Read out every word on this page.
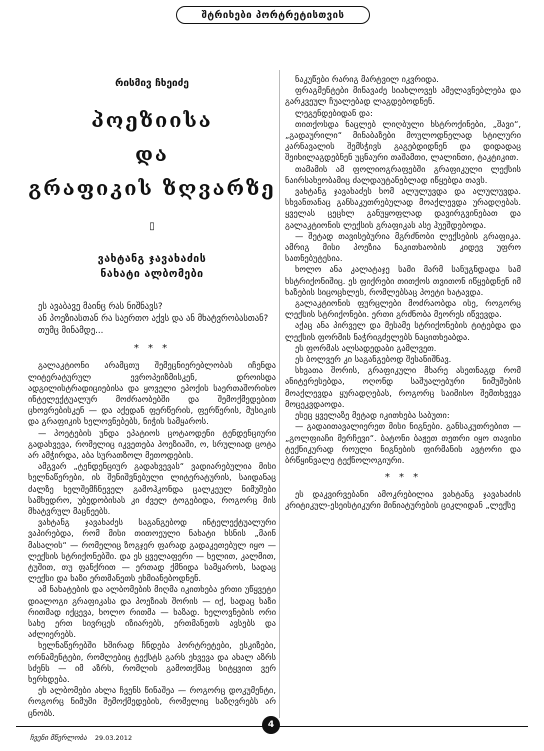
შტრიხები პორტრეტისთვის
რისმივ ჩხეიძე
პოეზიისა
და
გრაფიკის ზღვარზე
▯
ვახტანგ ჯავახაძის
ნახატი ალბომები
ეს ავაბავე მაინც რას ნიშნავს?
ან პოეზიასთან რა საერთო აქვს და ან მხატვრობასთან?
თუმც მინამდე...
* * *

გალაკტიონი არამცთუ შემეცნიერებლობას იჩენდა ლიტერატურულ ევროპეიზმისკენ, დროისდა ადგილისტრადიციებისა და ყოველი ეპოქის საერთაშორისო ინტელექტუალურ მოძრაობებში და შემოქმედებით ცხოვრებისკენ — და აქედან ფერწერის, ფერწერის, მუსიკის და გრაფიკის ხელოვნებებს, ნიჭის სამყაროს.

— პოეტების უნდა ეპატიოს ცოტაოდენი ტენდენციური გადახვევა, რომელიც იკვეთება პოეზიაში, ო, სრულიად ცოტა არ ამჭირდა, აბა სურათზოლ მეთოდების.

ამგვარ „ტენდენციურ გადახვევას“ ვადიარებულია მისი ხელნაწერები, ის შენიშვნებული ლიტერატურის, საიდანაც ძალზე ხელშემჩნეველ გამოჰკონდა ცალკეულ ნიმუშები სამხედრო, უბედობისას კი ძველ ტოგებიდა, როგორც მის მხატვრულ მაცნეებს.

ვახტანგ ჯავახაძეს საგანგებოდ ინტელექტუალური ვაპირებდა, რომ მისი თითოეული ნახატი ხსნის „მაინ მასალის“ — რომელიც ზოგჯერ ფარად გადაკეთებულ იყო — ლექსის სტრიქონებში. და ეს ყველაფერი — ხელით, კალმით, ტუშით, თუ ფანქრით — ერთად ქმნიდა სამყაროს, სადაც ლექსი და ხაზი ერთმანეთს ეხმიანებოდნენ.

ამ ნახატების და ალბომების მიღმა იკითხება ერთი უწყვეტი დიალოგი გრაფიკასა და პოეზიას შორის — იქ, სადაც ხაზი რითმად იქცევა, ხოლო რითმა — ხაზად. ხელოვნების ორი სახე ერთ სივრცეს იზიარებს, ერთმანეთს ავსებს და აძლიერებს.

ხელნაწერებში ხშირად ჩნდება პორტრეტები, ესკიზები, ორნამენტები, რომლებიც ტექსტს გარს ეხვევა და ახალ აზრს სძენს — იმ აზრს, რომლის გამოთქმაც სიტყვით ვერ ხერხდება.

ეს ალბომები ახლა ჩვენს წინაშეა — როგორც დოკუმენტი, როგორც ნიმუში შემოქმედების, რომელიც საზღვრებს არ ცნობს.

ნაკუწები რარიგ მარტვილ იკვრიდა.

ფრაგმენტები მინავაძე სიახლოვეს ამელავნებლება და გარკვეულ ჩუალებად ლაგდებოდნენ.

ლეგენდებიდან და:

თითქოსდა ნაცლებ ლიღბული ხსტროქინები, „შავი“, „გადაურილი“ მინაბაზები მოულოდნელად სტილური კარნავალის შემსჭივს გაგებდიდნენ და დიდადაც შეიხილაგდებნენ უცნაური თაშამთი, ლალინთი, ტაკტიკით.

თამამის ამ ფოლიოგრაფებში გრაფიკული ლექსის ნაირსახეობამიც ძალდაუტანებლად იწყებდა თავს.

ვახტანგ ჯავახაძეს ხომ ალულუვდა და ალულუვდა. სხვანთანაც განსაკუთრებულად მოაქლევდა ურადღებას. ყველას ცეცხლ განუყოფლად დავირგვინებათ და გალაკტიონის ლექსის გრაფიკას ასე ჰუეშდებოდა.

— შეტად თავისებურია მგრძნობი ლექსების გრაფიკა. ამრიგ მისი პოეზია ნაკითხაობის კიდევ უფრო სათნებუტესია.

ხოლო ანა კალატაჯე სამი მარმ სანუგნდადა სამ ხსტრიქონიშიც. ეს ფიქრები თითქოს თვითონ იწყებდნენ იმ ხაზების სიცოცხლეს, რომლებსაც პოეტი ხატავდა.

გალაკტიონის ფურცლები მოძრაობდა ისე, როგორც ლექსის სტრიქონები. ერთი გრძნობა მეორეს იწვევდა.

აქაც ანა პირველ და მესამე სტრიქონების ტიტებდა და ლექსის ფორმის ნაჭრიგძელებს ნაცითხეაბდა.

ეს ფორმას ალსადედაბი გამლვეთ.

ეს ბოლვერ კი საგანგებოდ შესანიშნავ.

სხვათა შორის, გრაფიკული მხარე ასეთნაგდ რომ ანიტერესებდა, ოღონდ საშუალებური ნიმუშების მოაქლევდა ყურადღებას, როგორც საიმისო შემთხვევა მოცეკვდაოდა.

ესეც ყველაზე მეტად იკითხება საბუთი:

— გადაითავალიერეთ მისი ნიგნები. განსაკუთრებით — „გოლფიაჩი მერჩევი“. ბატონი ბაჟეთ თეთრი იყო თავისი ტექნიკურად როული ნიგნების ფირმანის ავტორი და ბრწყინვალე ტექნოლოგიური.

* * *

ეს დაკვირვებანი ამოკრებილია ვახტანგ ჯავახაძის კრიტიკულ-ესეისტიკური მინიატურების ციკლიდან „ლექსე

ჩვენი მწერლობა 29.03.2012
4
